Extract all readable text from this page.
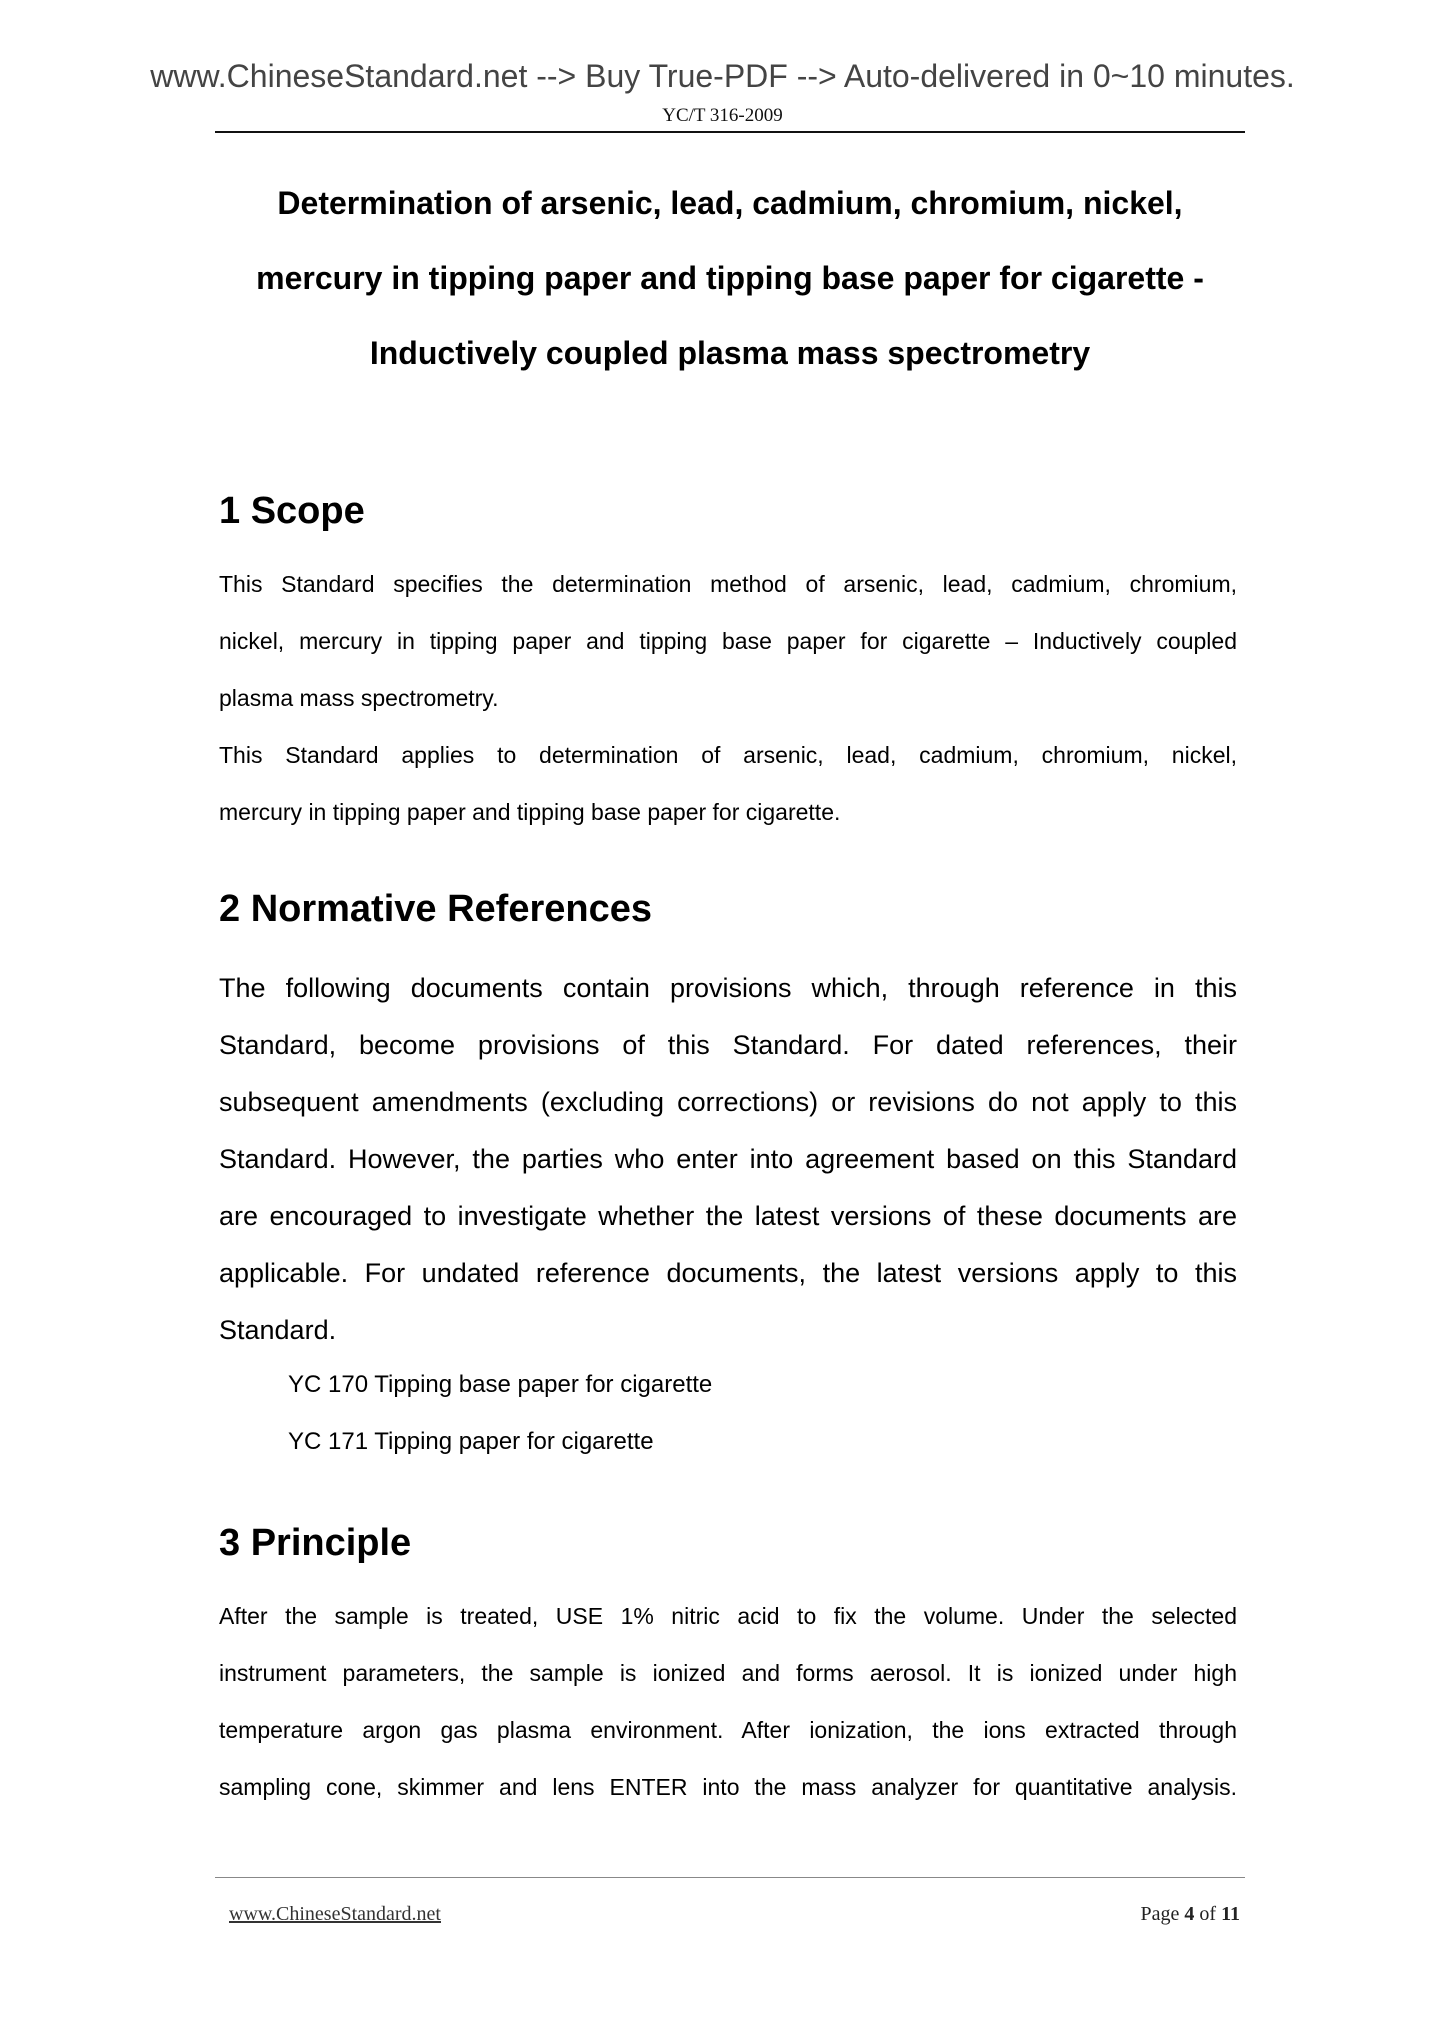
www.ChineseStandard.net --> Buy True-PDF --> Auto-delivered in 0~10 minutes.
YC/T 316-2009
Determination of arsenic, lead, cadmium, chromium, nickel,
mercury in tipping paper and tipping base paper for cigarette -
Inductively coupled plasma mass spectrometry
1 Scope
This Standard specifies the determination method of arsenic, lead, cadmium, chromium,
nickel, mercury in tipping paper and tipping base paper for cigarette – Inductively coupled
plasma mass spectrometry.
This Standard applies to determination of arsenic, lead, cadmium, chromium, nickel,
mercury in tipping paper and tipping base paper for cigarette.
2 Normative References
The following documents contain provisions which, through reference in this
Standard, become provisions of this Standard. For dated references, their
subsequent amendments (excluding corrections) or revisions do not apply to this
Standard. However, the parties who enter into agreement based on this Standard
are encouraged to investigate whether the latest versions of these documents are
applicable. For undated reference documents, the latest versions apply to this
Standard.
YC 170 Tipping base paper for cigarette
YC 171 Tipping paper for cigarette
3 Principle
After the sample is treated, USE 1% nitric acid to fix the volume. Under the selected
instrument parameters, the sample is ionized and forms aerosol. It is ionized under high
temperature argon gas plasma environment. After ionization, the ions extracted through
sampling cone, skimmer and lens ENTER into the mass analyzer for quantitative analysis.
www.ChineseStandard.net	Page 4 of 11
